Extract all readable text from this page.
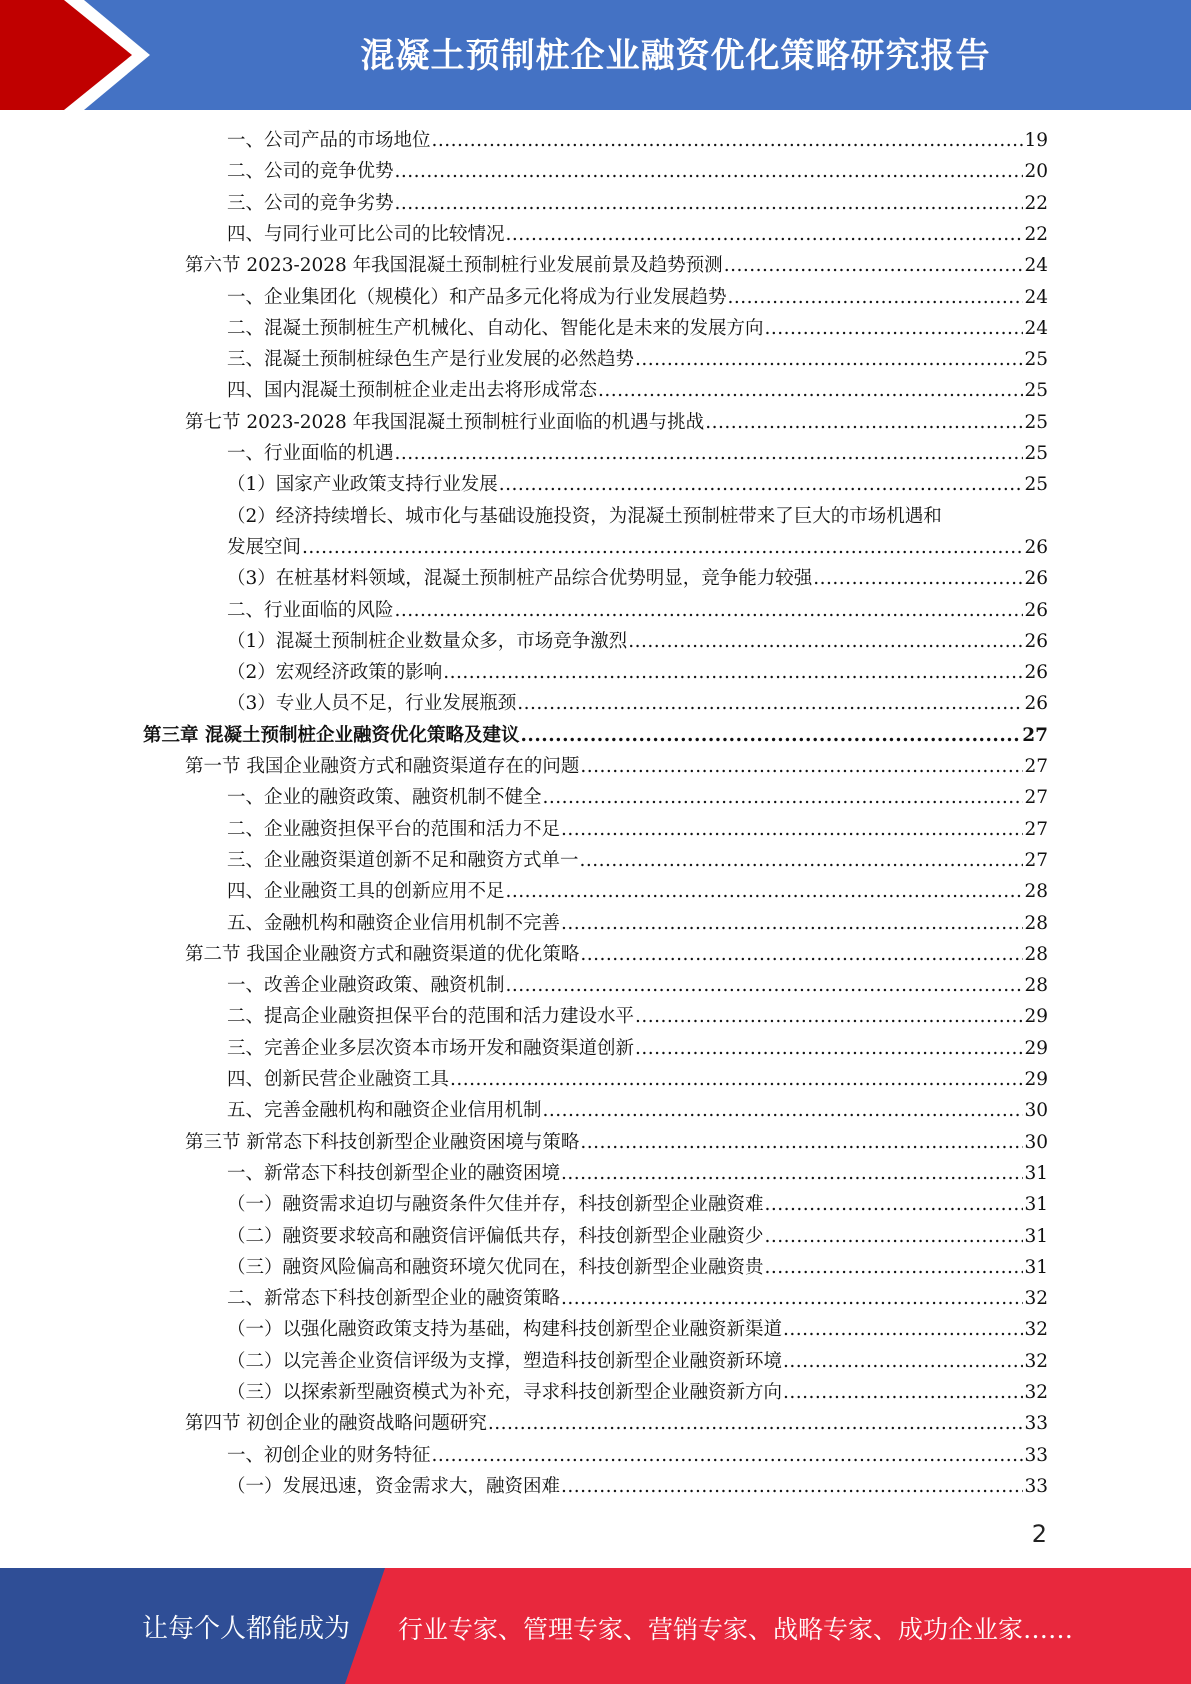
混凝土预制桩企业融资优化策略研究报告
一、公司产品的市场地位 .....	19
二、公司的竞争优势 .....	20
三、公司的竞争劣势 .....	22
四、与同行业可比公司的比较情况 .....	22
第六节 2023-2028 年我国混凝土预制桩行业发展前景及趋势预测 .....	24
一、企业集团化（规模化）和产品多元化将成为行业发展趋势 .....	24
二、混凝土预制桩生产机械化、自动化、智能化是未来的发展方向 .....	24
三、混凝土预制桩绿色生产是行业发展的必然趋势 .....	25
四、国内混凝土预制桩企业走出去将形成常态 .....	25
第七节 2023-2028 年我国混凝土预制桩行业面临的机遇与挑战 .....	25
一、行业面临的机遇 .....	25
（1）国家产业政策支持行业发展 .....	25
（2）经济持续增长、城市化与基础设施投资，为混凝土预制桩带来了巨大的市场机遇和
发展空间 .....	26
（3）在桩基材料领域，混凝土预制桩产品综合优势明显，竞争能力较强 .....	26
二、行业面临的风险 .....	26
（1）混凝土预制桩企业数量众多，市场竞争激烈 .....	26
（2）宏观经济政策的影响 .....	26
（3）专业人员不足，行业发展瓶颈 .....	26
第三章 混凝土预制桩企业融资优化策略及建议 .....	27
第一节 我国企业融资方式和融资渠道存在的问题 .....	27
一、企业的融资政策、融资机制不健全 .....	27
二、企业融资担保平台的范围和活力不足 .....	27
三、企业融资渠道创新不足和融资方式单一 .....	27
四、企业融资工具的创新应用不足 .....	28
五、金融机构和融资企业信用机制不完善 .....	28
第二节 我国企业融资方式和融资渠道的优化策略 .....	28
一、改善企业融资政策、融资机制 .....	28
二、提高企业融资担保平台的范围和活力建设水平 .....	29
三、完善企业多层次资本市场开发和融资渠道创新 .....	29
四、创新民营企业融资工具 .....	29
五、完善金融机构和融资企业信用机制 .....	30
第三节 新常态下科技创新型企业融资困境与策略 .....	30
一、新常态下科技创新型企业的融资困境 .....	31
（一）融资需求迫切与融资条件欠佳并存，科技创新型企业融资难 .....	31
（二）融资要求较高和融资信评偏低共存，科技创新型企业融资少 .....	31
（三）融资风险偏高和融资环境欠优同在，科技创新型企业融资贵 .....	31
二、新常态下科技创新型企业的融资策略 .....	32
（一）以强化融资政策支持为基础，构建科技创新型企业融资新渠道 .....	32
（二）以完善企业资信评级为支撑，塑造科技创新型企业融资新环境 .....	32
（三）以探索新型融资模式为补充，寻求科技创新型企业融资新方向 .....	32
第四节 初创企业的融资战略问题研究 .....	33
一、初创企业的财务特征 .....	33
（一）发展迅速，资金需求大，融资困难 .....	33
2
让每个人都能成为 行业专家、管理专家、营销专家、战略专家、成功企业家……
